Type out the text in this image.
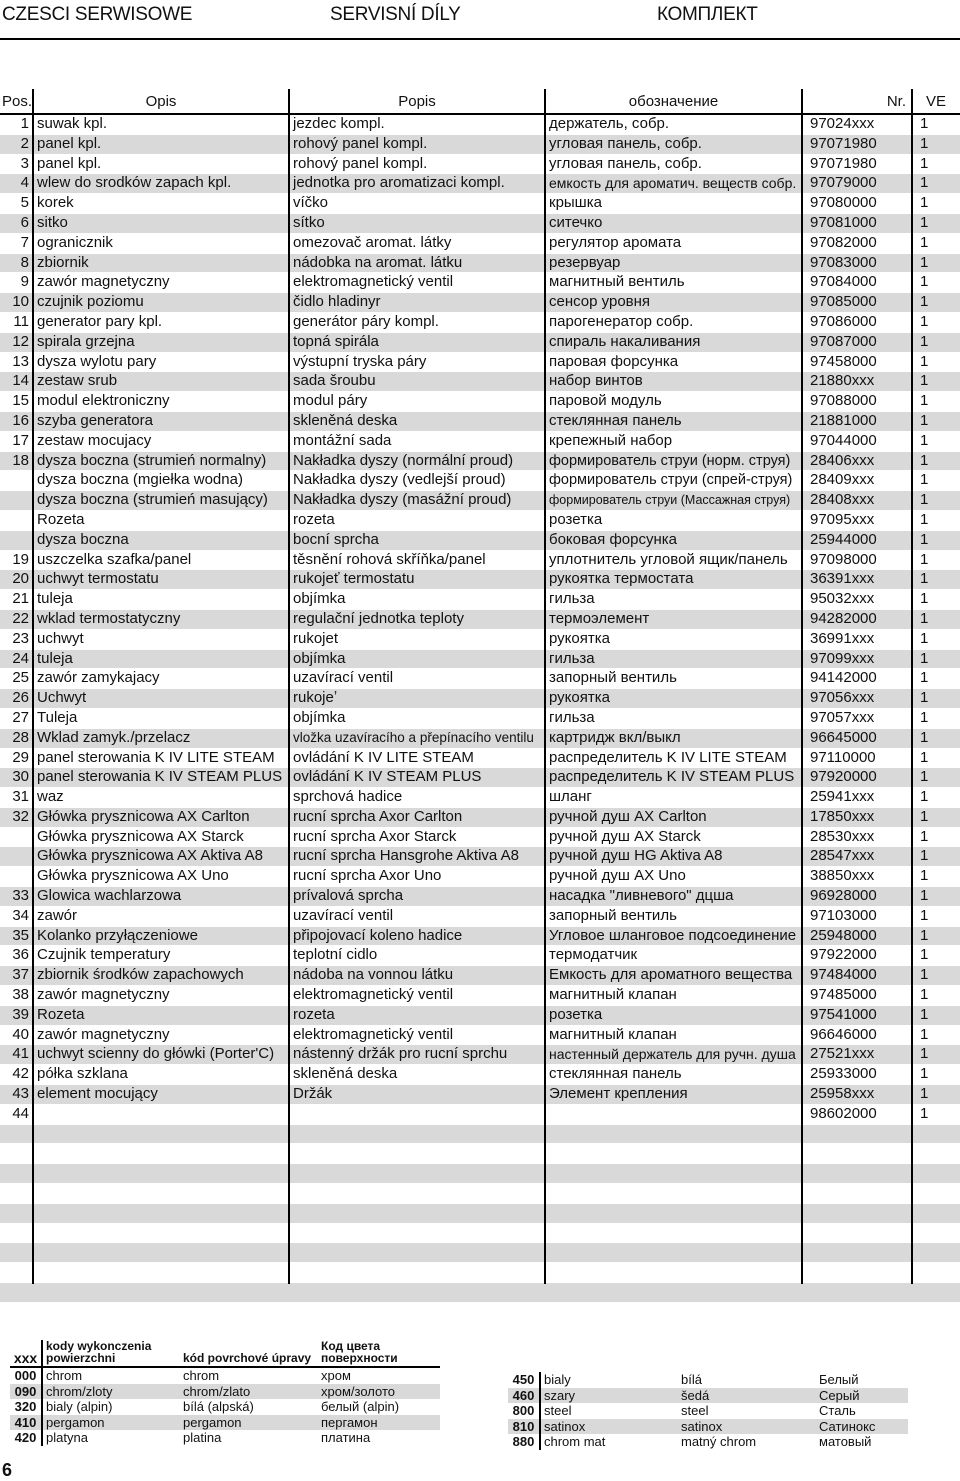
CZESCI SERWISOWE	SERVISNÍ DÍLY	КОМПЛЕКТ
Pos.	Opis	Popis	обозначение	Nr.	VE
1	suwak kpl.	jezdec kompl.	держатель, собр.	97024xxx	1
2	panel kpl.	rohový panel kompl.	угловая панель, собр.	97071980	1
3	panel kpl.	rohový panel kompl.	угловая панель, собр.	97071980	1
4	wlew do srodków zapach kpl.	jednotka pro aromatizaci kompl.	емкость для ароматич. веществ собр.	97079000	1
5	korek	víčko	крышка	97080000	1
6	sitko	sítko	ситечко	97081000	1
7	ogranicznik	omezovač aromat. látky	регулятор аромата	97082000	1
8	zbiornik	nádobka na aromat. látku	резервуар	97083000	1
9	zawór magnetyczny	elektromagnetický ventil	магнитный вентиль	97084000	1
10	czujnik poziomu	čidlo hladinyr	сенсор уровня	97085000	1
11	generator pary kpl.	generátor páry kompl.	парогенератор собр.	97086000	1
12	spirala grzejna	topná spirála	спираль накаливания	97087000	1
13	dysza wylotu pary	výstupní tryska páry	паровая форсунка	97458000	1
14	zestaw srub	sada šroubu	набор винтов	21880xxx	1
15	modul elektroniczny	modul páry	паровой модуль	97088000	1
16	szyba generatora	skleněná deska	стеклянная панель	21881000	1
17	zestaw mocujacy	montážní sada	крепежный набор	97044000	1
18	dysza boczna (strumień normalny)	Nakładka dyszy (normální proud)	формирователь струи (норм. струя)	28406xxx	1
	dysza boczna (mgiełka wodna)	Nakładka dyszy (vedlejší proud)	формирователь струи (спрей-струя)	28409xxx	1
	dysza boczna (strumień masujący)	Nakładka dyszy (masážní proud)	формирователь струи (Массажная струя)	28408xxx	1
	Rozeta	rozeta	розетка	97095xxx	1
	dysza boczna	bocní sprcha	боковая форсунка	25944000	1
19	uszczelka szafka/panel	těsnění rohová skříňka/panel	уплотнитель угловой ящик/панель	97098000	1
20	uchwyt termostatu	rukojeť termostatu	рукоятка термостата	36391xxx	1
21	tuleja	objímka	гильза	95032xxx	1
22	wklad termostatyczny	regulační jednotka teploty	термоэлемент	94282000	1
23	uchwyt	rukojet	рукоятка	36991xxx	1
24	tuleja	objímka	гильза	97099xxx	1
25	zawór zamykajacy	uzavírací ventil	запорный вентиль	94142000	1
26	Uchwyt	rukojeʼ	рукоятка	97056xxx	1
27	Tuleja	objímka	гильза	97057xxx	1
28	Wklad zamyk./przelacz	vložka uzavíracího a přepínacího ventilu	картридж вкл/выкл	96645000	1
29	panel sterowania K IV LITE STEAM	ovládání K IV LITE STEAM	распределитель K IV LITE STEAM	97110000	1
30	panel sterowania K IV STEAM PLUS	ovládání K IV STEAM PLUS	распределитель K IV STEAM PLUS	97920000	1
31	waz	sprchová hadice	шланг	25941xxx	1
32	Główka prysznicowa AX Carlton	rucní sprcha Axor Carlton	ручной душ AX Carlton	17850xxx	1
	Główka prysznicowa AX Starck	rucní sprcha Axor Starck	ручной душ AX Starck	28530xxx	1
	Główka prysznicowa AX Aktiva A8	rucní sprcha Hansgrohe Aktiva A8	ручной душ HG Aktiva A8	28547xxx	1
	Główka prysznicowa AX Uno	rucní sprcha Axor Uno	ручной душ AX Uno	38850xxx	1
33	Glowica wachlarzowa	prívalová sprcha	насадка "ливневого" дцша	96928000	1
34	zawór	uzavírací ventil	запорный вентиль	97103000	1
35	Kolanko przyłączeniowe	připojovací koleno hadice	Угловое шланговое подсоединение	25948000	1
36	Czujnik temperatury	teplotní cidlo	термодатчик	97922000	1
37	zbiornik środków zapachowych	nádoba na vonnou látku	Емкость для ароматного вещества	97484000	1
38	zawór magnetyczny	elektromagnetický ventil	магнитный клапан	97485000	1
39	Rozeta	rozeta	розетка	97541000	1
40	zawór magnetyczny	elektromagnetický ventil	магнитный клапан	96646000	1
41	uchwyt scienny do główki (Porter'C)	nástenný držák pro rucní sprchu	настенный держатель для ручн. душа	27521xxx	1
42	półka szklana	skleněná deska	стеклянная панель	25933000	1
43	element mocujący	Držák	Элемент крепления	25958xxx	1
44				98602000	1

xxx	kody wykonczenia powierzchni	kód povrchové úpravy	Код цвета поверхности
000	chrom	chrom	хром
090	chrom/zloty	chrom/zlato	хром/золото
320	bialy (alpin)	bílá (alpská)	белый (alpin)
410	pergamon	pergamon	пергамон
420	platyna	platina	платина
450	bialy	bílá	Белый
460	szary	šedá	Серый
800	steel	steel	Сталь
810	satinox	satinox	Сатинокс
880	chrom mat	matný chrom	матовый
6
